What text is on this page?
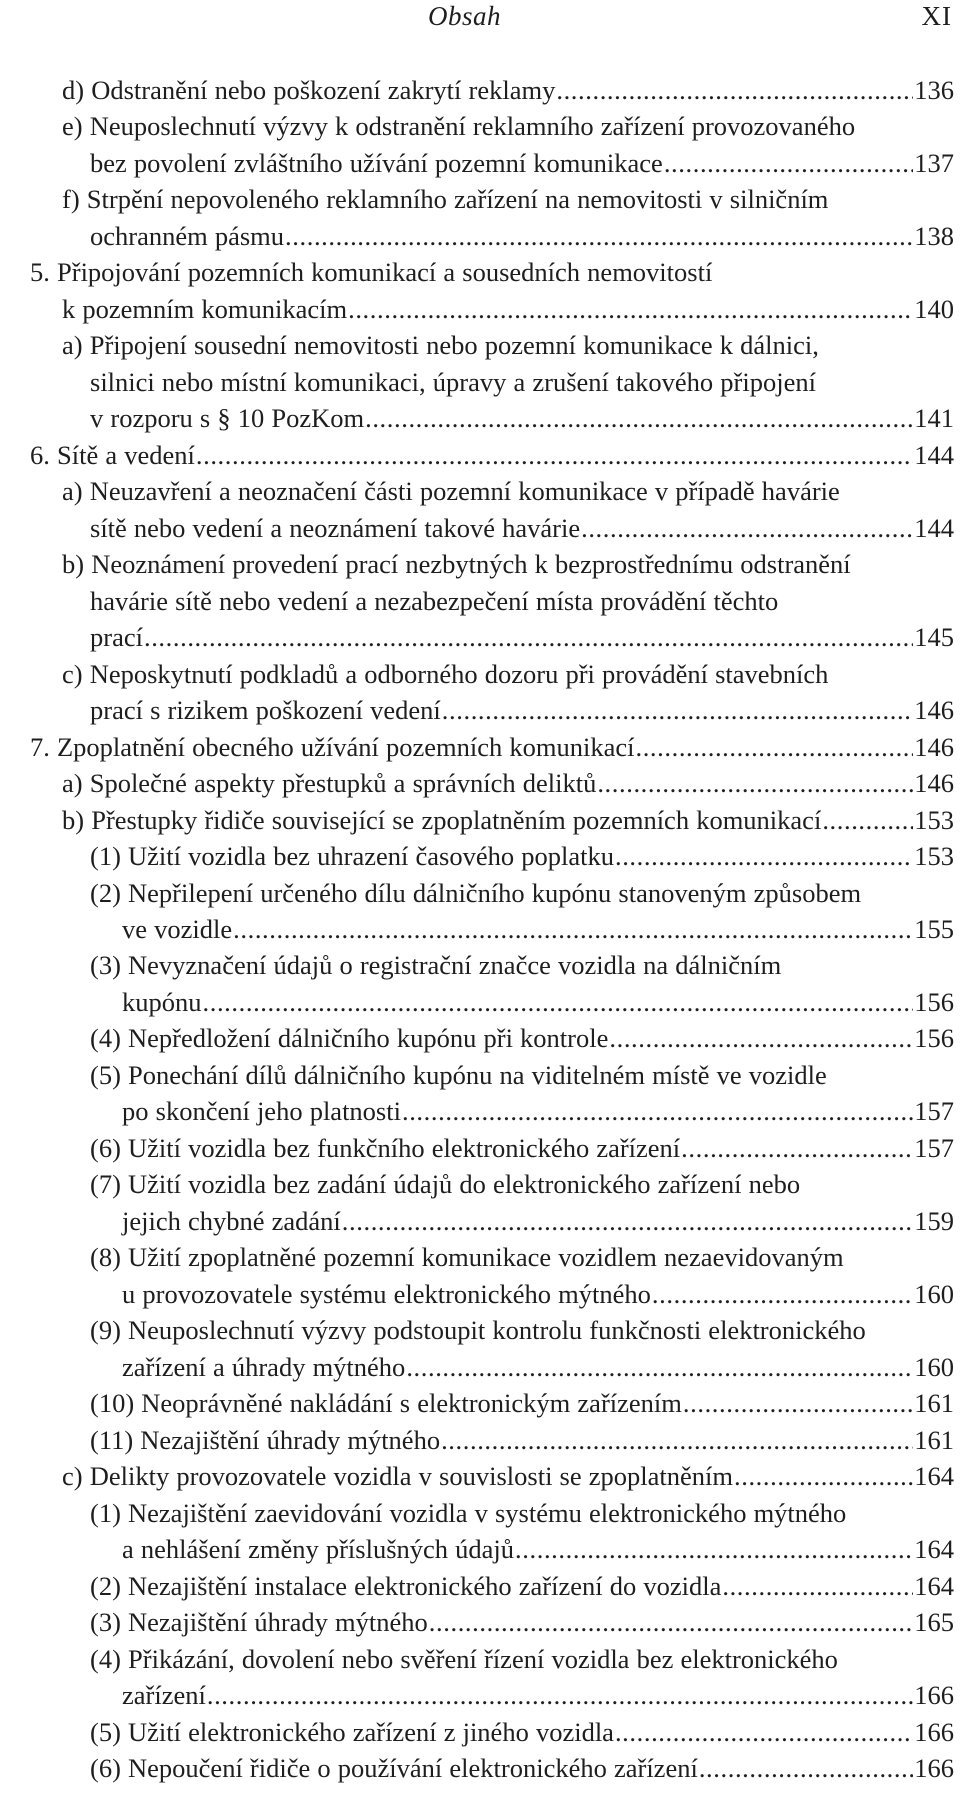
Obsah	XI
d) Odstranění nebo poškození zakrytí reklamy .....	136
e) Neuposlechnutí výzvy k odstranění reklamního zařízení provozovaného
bez povolení zvláštního užívání pozemní komunikace .....	137
f) Strpění nepovoleného reklamního zařízení na nemovitosti v silničním
ochranném pásmu .....	138
5. Připojování pozemních komunikací a sousedních nemovitostí
k pozemním komunikacím .....	140
a) Připojení sousední nemovitosti nebo pozemní komunikace k dálnici,
silnici nebo místní komunikaci, úpravy a zrušení takového připojení
v rozporu s § 10 PozKom .....	141
6. Sítě a vedení .....	144
a) Neuzavření a neoznačení části pozemní komunikace v případě havárie
sítě nebo vedení a neoznámení takové havárie .....	144
b) Neoznámení provedení prací nezbytných k bezprostřednímu odstranění
havárie sítě nebo vedení a nezabezpečení místa provádění těchto
prací .....	145
c) Neposkytnutí podkladů a odborného dozoru při provádění stavebních
prací s rizikem poškození vedení .....	146
7. Zpoplatnění obecného užívání pozemních komunikací .....	146
a) Společné aspekty přestupků a správních deliktů .....	146
b) Přestupky řidiče související se zpoplatněním pozemních komunikací .....	153
(1) Užití vozidla bez uhrazení časového poplatku .....	153
(2) Nepřilepení určeného dílu dálničního kupónu stanoveným způsobem
ve vozidle .....	155
(3) Nevyznačení údajů o registrační značce vozidla na dálničním
kupónu .....	156
(4) Nepředložení dálničního kupónu při kontrole .....	156
(5) Ponechání dílů dálničního kupónu na viditelném místě ve vozidle
po skončení jeho platnosti .....	157
(6) Užití vozidla bez funkčního elektronického zařízení .....	157
(7) Užití vozidla bez zadání údajů do elektronického zařízení nebo
jejich chybné zadání .....	159
(8) Užití zpoplatněné pozemní komunikace vozidlem nezaevidovaným
u provozovatele systému elektronického mýtného .....	160
(9) Neuposlechnutí výzvy podstoupit kontrolu funkčnosti elektronického
zařízení a úhrady mýtného .....	160
(10) Neoprávněné nakládání s elektronickým zařízením .....	161
(11) Nezajištění úhrady mýtného .....	161
c) Delikty provozovatele vozidla v souvislosti se zpoplatněním .....	164
(1) Nezajištění zaevidování vozidla v systému elektronického mýtného
a nehlášení změny příslušných údajů .....	164
(2) Nezajištění instalace elektronického zařízení do vozidla .....	164
(3) Nezajištění úhrady mýtného .....	165
(4) Přikázání, dovolení nebo svěření řízení vozidla bez elektronického
zařízení .....	166
(5) Užití elektronického zařízení z jiného vozidla .....	166
(6) Nepoučení řidiče o používání elektronického zařízení .....	166
